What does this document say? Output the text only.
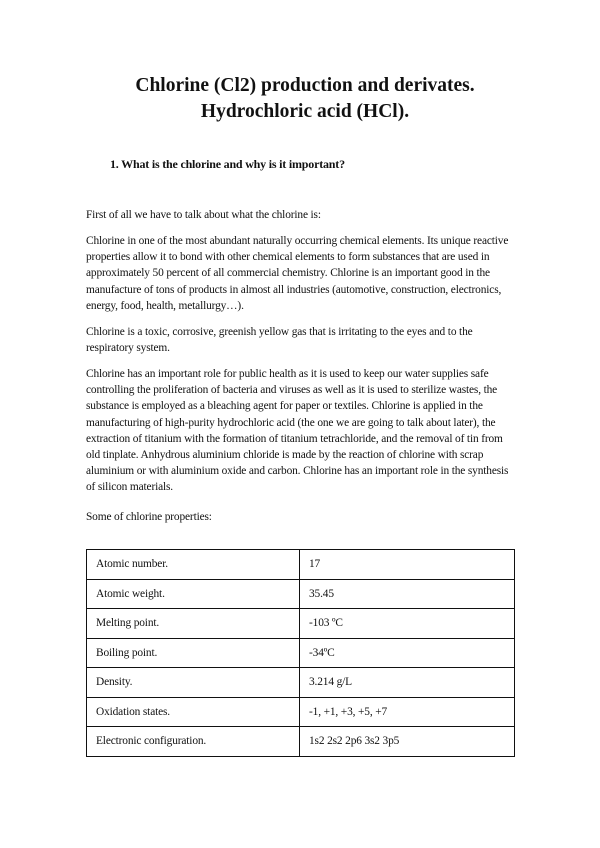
Chlorine (Cl2) production and derivates.
Hydrochloric acid (HCl).
1. What is the chlorine and why is it important?

First of all we have to talk about what the chlorine is:

Chlorine in one of the most abundant naturally occurring chemical elements. Its unique reactive properties allow it to bond with other chemical elements to form substances that are used in approximately 50 percent of all commercial chemistry. Chlorine is an important good in the manufacture of tons of products in almost all industries (automotive, construction, electronics, energy, food, health, metallurgy…).

Chlorine is a toxic, corrosive, greenish yellow gas that is irritating to the eyes and to the respiratory system.

Chlorine has an important role for public health as it is used to keep our water supplies safe controlling the proliferation of bacteria and viruses as well as it is used to sterilize wastes, the substance is employed as a bleaching agent for paper or textiles. Chlorine is applied in the manufacturing of high-purity hydrochloric acid (the one we are going to talk about later), the extraction of titanium with the formation of titanium tetrachloride, and the removal of tin from old tinplate. Anhydrous aluminium chloride is made by the reaction of chlorine with scrap aluminium or with aluminium oxide and carbon. Chlorine has an important role in the synthesis of silicon materials.

Some of chlorine properties:

Atomic number.	17
Atomic weight.	35.45
Melting point.	-103 ºC
Boiling point.	-34ºC
Density.	3.214 g/L
Oxidation states.	-1, +1, +3, +5, +7
Electronic configuration.	1s2 2s2 2p6 3s2 3p5
